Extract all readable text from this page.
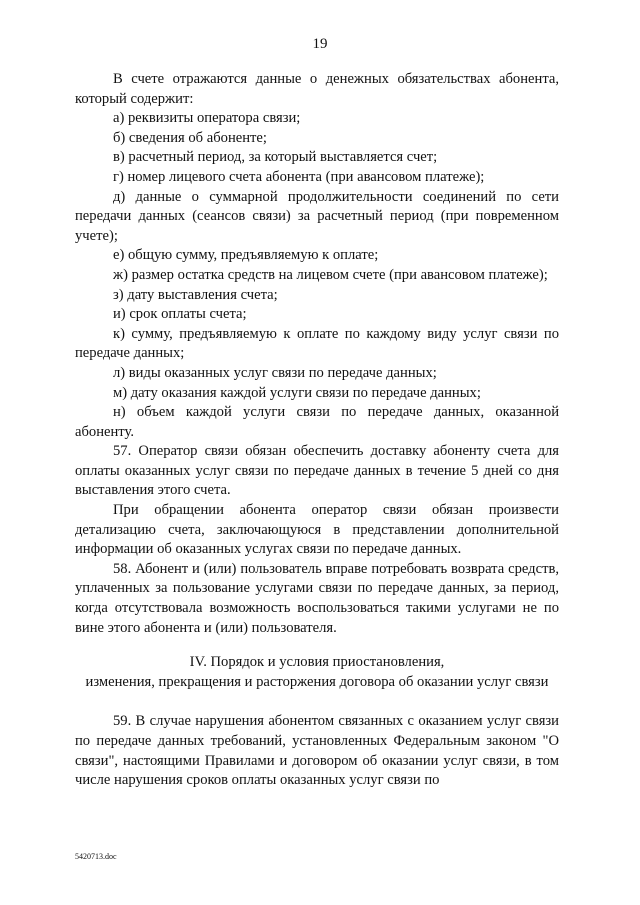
19

В счете отражаются данные о денежных обязательствах абонента, который содержит:

а) реквизиты оператора связи;

б) сведения об абоненте;

в) расчетный период, за который выставляется счет;

г) номер лицевого счета абонента (при авансовом платеже);

д) данные о суммарной продолжительности соединений по сети передачи данных (сеансов связи) за расчетный период (при повременном учете);

е) общую сумму, предъявляемую к оплате;

ж) размер остатка средств на лицевом счете (при авансовом платеже);

з) дату выставления счета;

и) срок оплаты счета;

к) сумму, предъявляемую к оплате по каждому виду услуг связи по передаче данных;

л) виды оказанных услуг связи по передаче данных;

м) дату оказания каждой услуги связи по передаче данных;

н) объем каждой услуги связи по передаче данных, оказанной абоненту.

57. Оператор связи обязан обеспечить доставку абоненту счета для оплаты оказанных услуг связи по передаче данных в течение 5 дней со дня выставления этого счета.

При обращении абонента оператор связи обязан произвести детализацию счета, заключающуюся в представлении дополнительной информации об оказанных услугах связи по передаче данных.

58. Абонент и (или) пользователь вправе потребовать возврата средств, уплаченных за пользование услугами связи по передаче данных, за период, когда отсутствовала возможность воспользоваться такими услугами не по вине этого абонента и (или) пользователя.

IV. Порядок и условия приостановления,
изменения, прекращения и расторжения договора об оказании услуг связи

59. В случае нарушения абонентом связанных с оказанием услуг связи по передаче данных требований, установленных Федеральным законом "О связи", настоящими Правилами и договором об оказании услуг связи, в том числе нарушения сроков оплаты оказанных услуг связи по

5420713.doc
